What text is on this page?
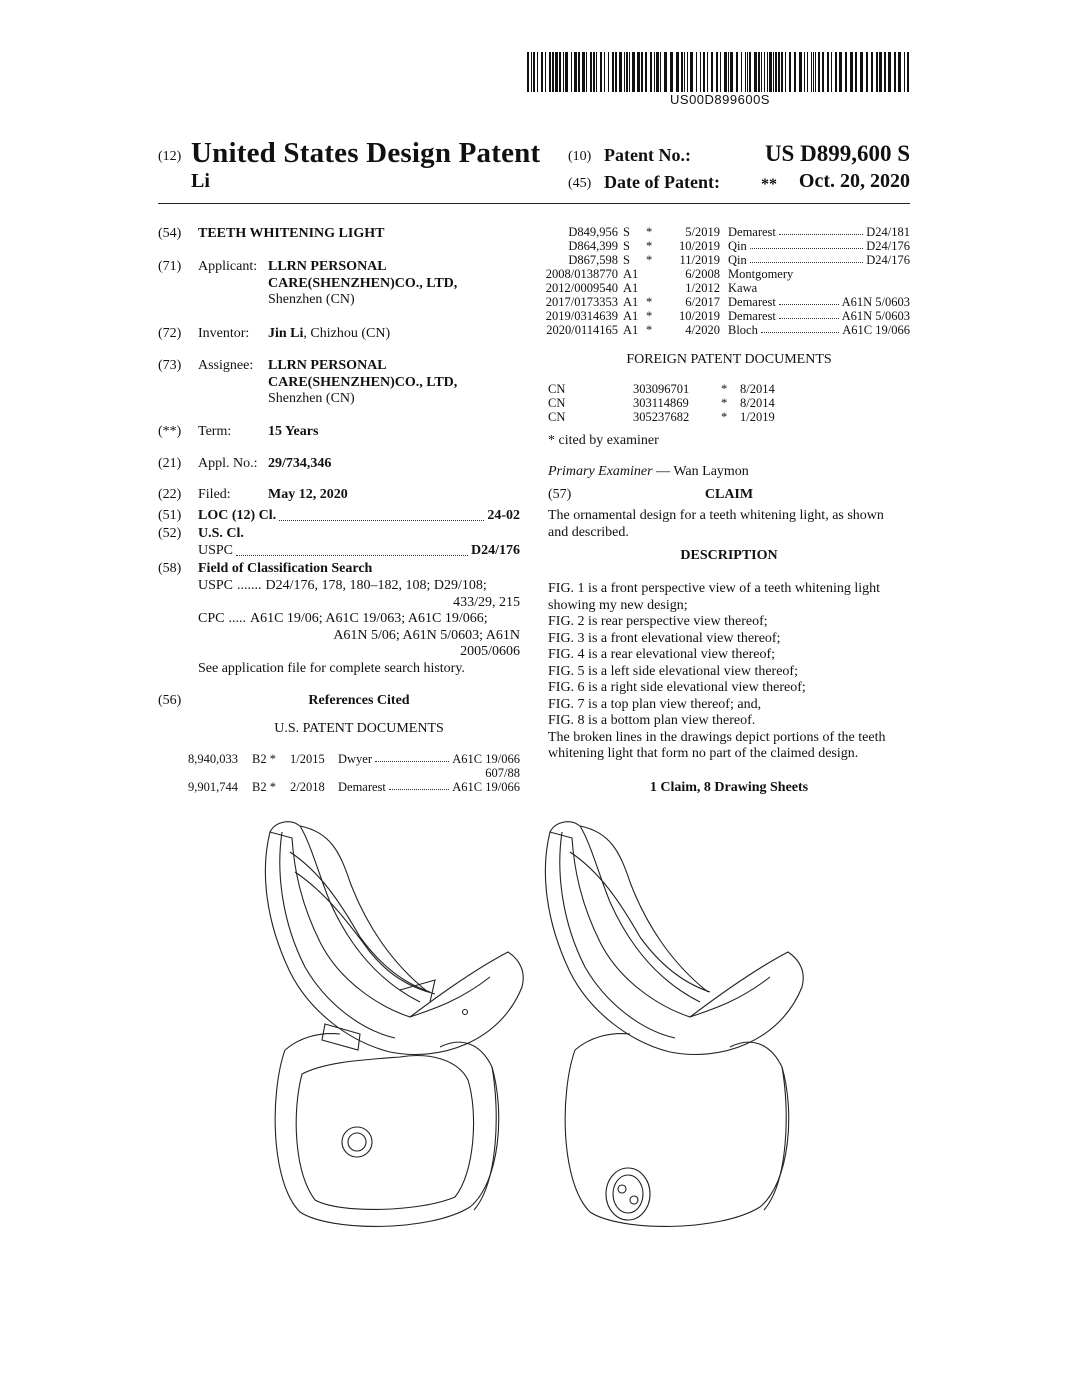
US00D899600S
(12) United States Design Patent (10) Patent No.:	US D899,600 S
Li	(45) Date of Patent:	** Oct. 20, 2020
(54)	TEETH WHITENING LIGHT
(71) Applicant: LLRN PERSONAL
CARE(SHENZHEN)CO., LTD,
Shenzhen (CN)
(72) Inventor: Jin Li, Chizhou (CN)
(73) Assignee: LLRN PERSONAL
CARE(SHENZHEN)CO., LTD,
Shenzhen (CN)
(**) Term:	15 Years
(21) Appl. No.: 29/734,346
(22) Filed:	May 12, 2020
(51) LOC (12) Cl.	24-02
(52) U.S. Cl.
USPC	D24/176
(58) Field of Classification Search
USPC ....... D24/176, 178, 180–182, 108; D29/108;
433/29, 215
CPC ..... A61C 19/06; A61C 19/063; A61C 19/066;
A61N 5/06; A61N 5/0603; A61N
2005/0606
See application file for complete search history.
(56)	References Cited
U.S. PATENT DOCUMENTS
8,940,033 B2 * 1/2015 Dwyer	A61C 19/066
607/88
9,901,744 B2 * 2/2018 Demarest	A61C 19/066
D849,956 S *	5/2019 Demarest	D24/181
D864,399 S * 10/2019 Qin	D24/176
D867,598 S * 11/2019 Qin	D24/176
2008/0138770 A1	6/2008 Montgomery
2012/0009540 A1	1/2012 Kawa
2017/0173353 A1 *	6/2017 Demarest	A61N 5/0603
2019/0314639 A1 * 10/2019 Demarest	A61N 5/0603
2020/0114165 A1 *	4/2020 Bloch	A61C 19/066
FOREIGN PATENT DOCUMENTS
CN	303096701	* 8/2014
CN	303114869	* 8/2014
CN	305237682	* 1/2019
* cited by examiner
Primary Examiner — Wan Laymon
(57)	CLAIM
The ornamental design for a teeth whitening light, as shown
and described.
DESCRIPTION
FIG. 1 is a front perspective view of a teeth whitening light
showing my new design;
FIG. 2 is rear perspective view thereof;
FIG. 3 is a front elevational view thereof;
FIG. 4 is a rear elevational view thereof;
FIG. 5 is a left side elevational view thereof;
FIG. 6 is a right side elevational view thereof;
FIG. 7 is a top plan view thereof; and,
FIG. 8 is a bottom plan view thereof.
The broken lines in the drawings depict portions of the teeth
whitening light that form no part of the claimed design.
1 Claim, 8 Drawing Sheets
